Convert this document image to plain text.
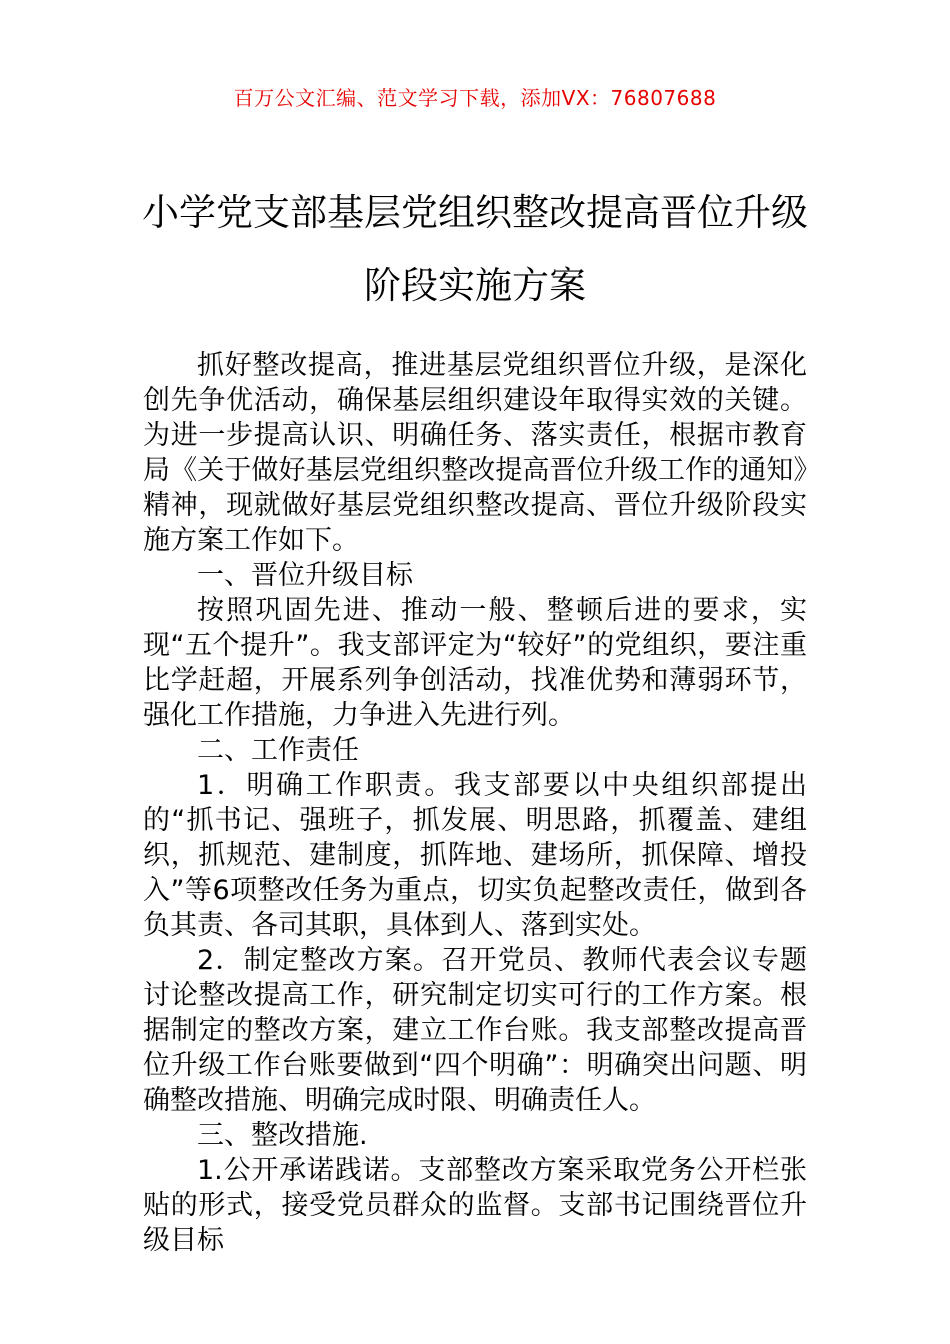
百万公文汇编、范文学习下载，添加VX：76807688
小学党支部基层党组织整改提高晋位升级
阶段实施方案

抓好整改提高，推进基层党组织晋位升级，是深化创先争优活动，确保基层组织建设年取得实效的关键。为进一步提高认识、明确任务、落实责任，根据市教育局《关于做好基层党组织整改提高晋位升级工作的通知》精神，现就做好基层党组织整改提高、晋位升级阶段实施方案工作如下。

一、晋位升级目标

按照巩固先进、推动一般、整顿后进的要求，实现“五个提升”。我支部评定为“较好”的党组织，要注重比学赶超，开展系列争创活动，找准优势和薄弱环节，强化工作措施，力争进入先进行列。

二、工作责任

1．明确工作职责。我支部要以中央组织部提出的“抓书记、强班子，抓发展、明思路，抓覆盖、建组织，抓规范、建制度，抓阵地、建场所，抓保障、增投入”等6项整改任务为重点，切实负起整改责任，做到各负其责、各司其职，具体到人、落到实处。

2．制定整改方案。召开党员、教师代表会议专题讨论整改提高工作，研究制定切实可行的工作方案。根据制定的整改方案，建立工作台账。我支部整改提高晋位升级工作台账要做到“四个明确”：明确突出问题、明确整改措施、明确完成时限、明确责任人。

三、整改措施.

1.公开承诺践诺。支部整改方案采取党务公开栏张贴的形式，接受党员群众的监督。支部书记围绕晋位升级目标
